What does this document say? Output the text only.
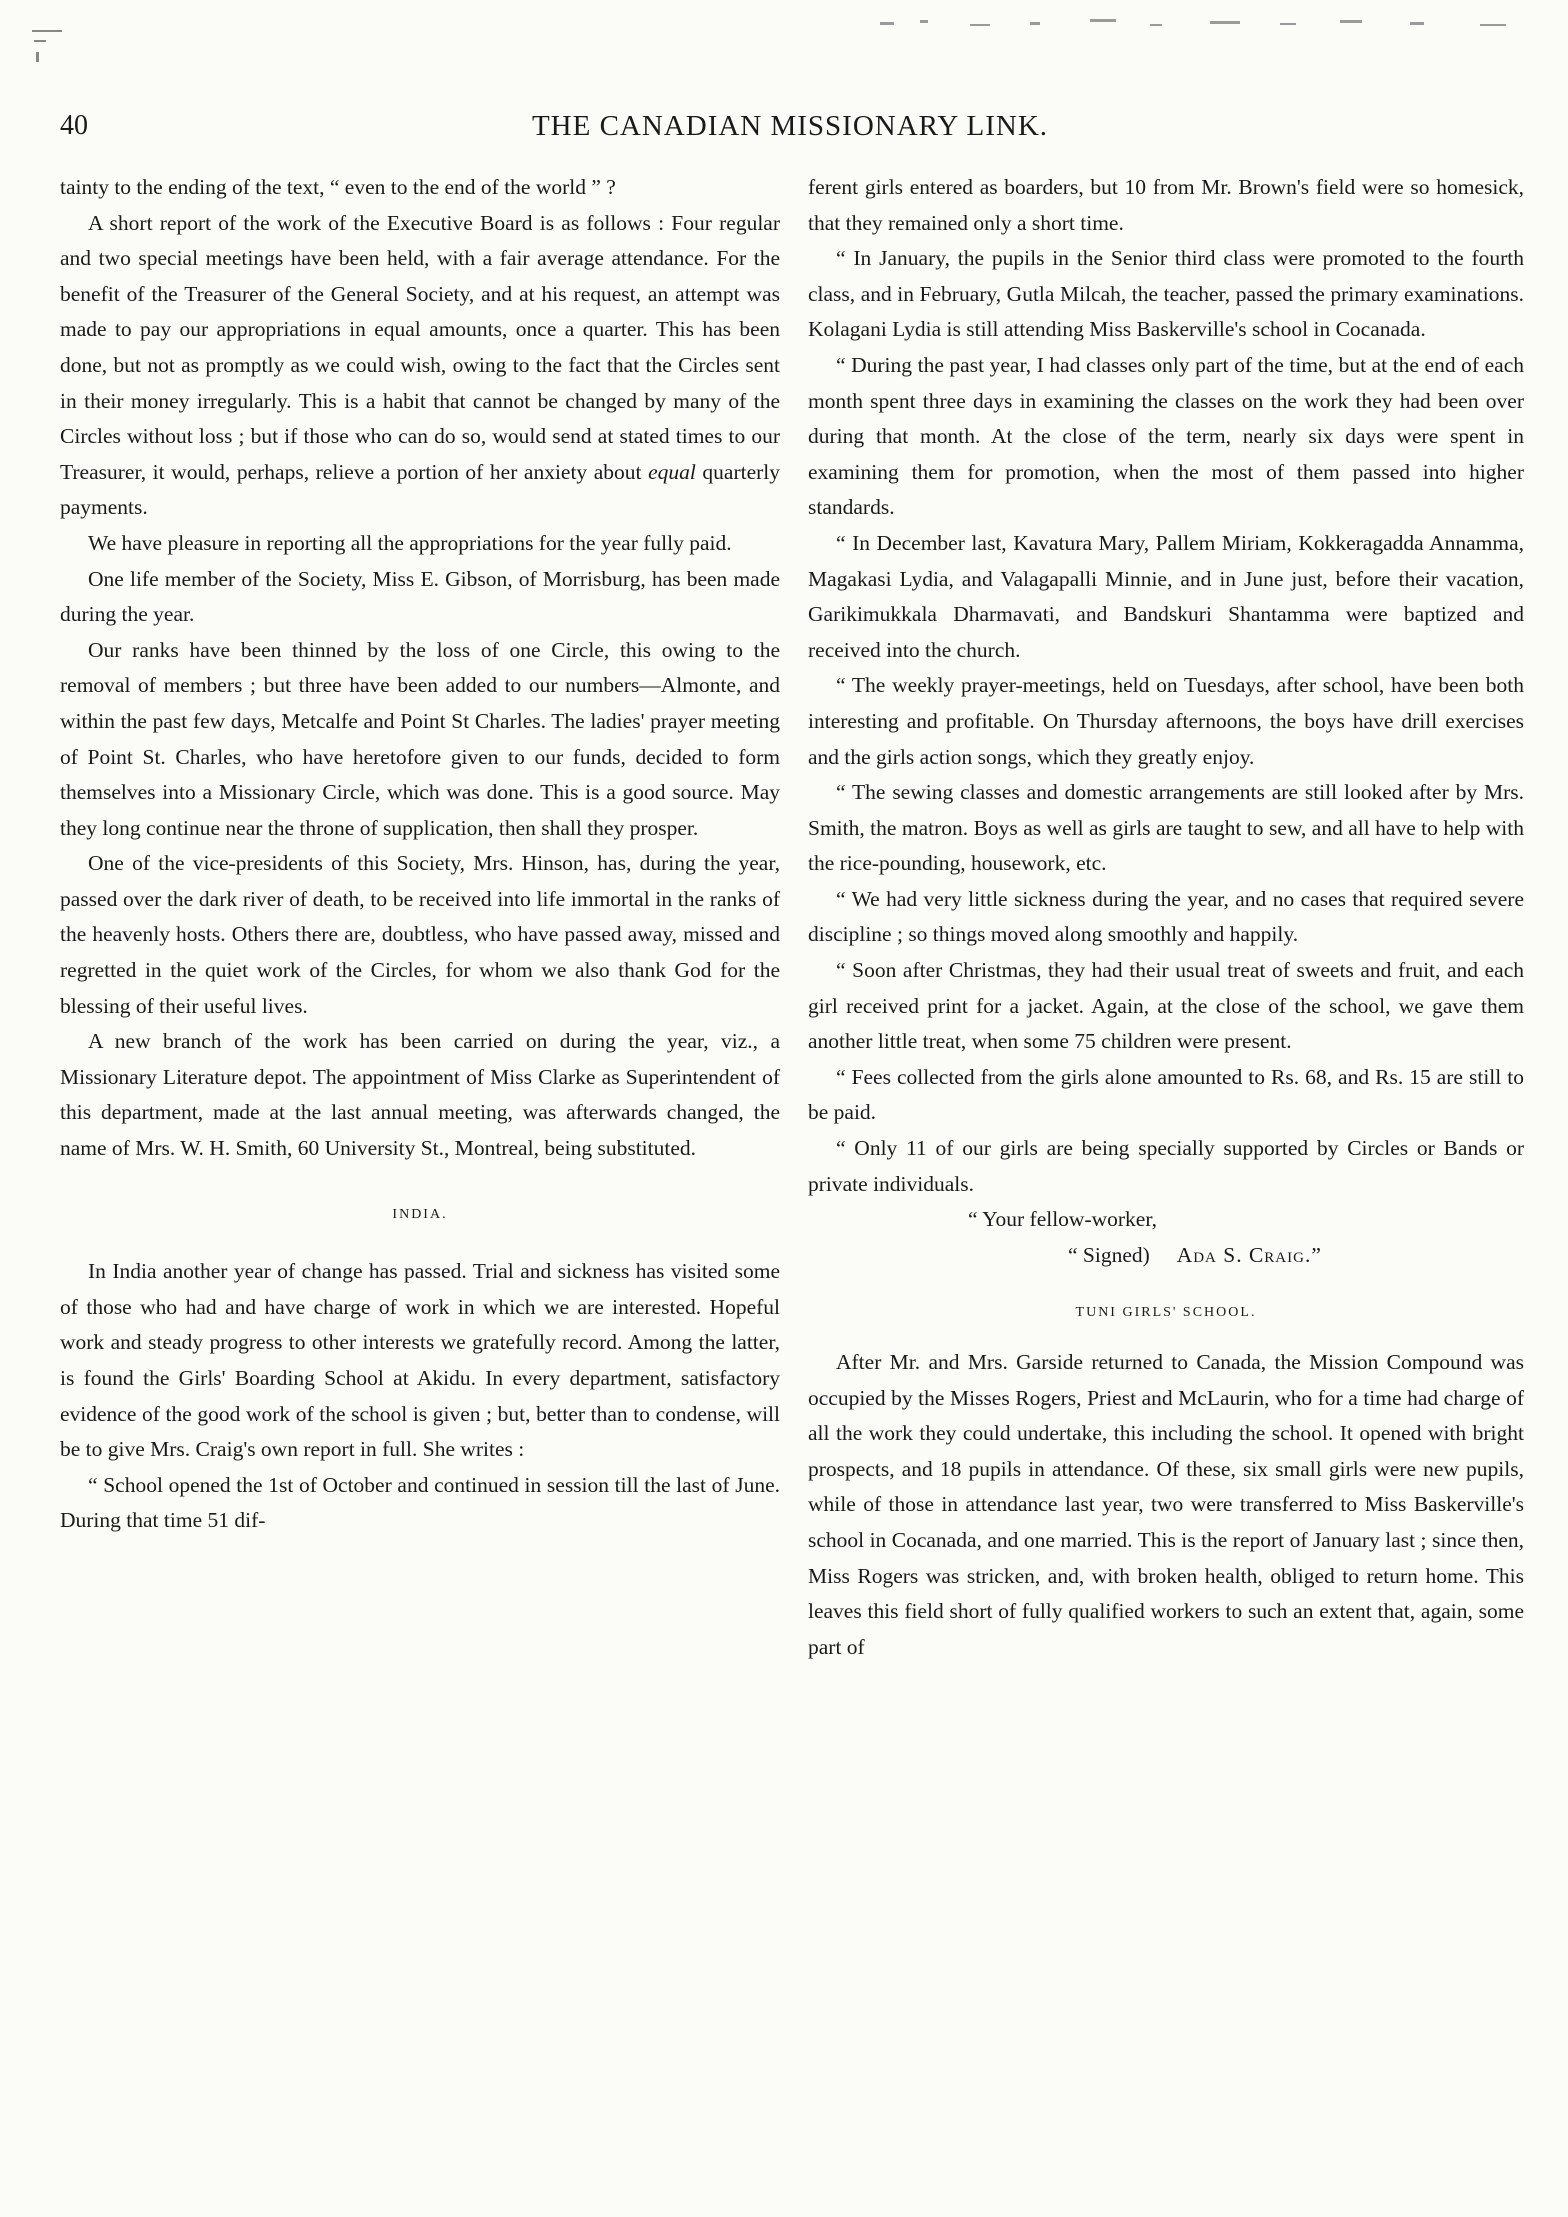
40	THE CANADIAN MISSIONARY LINK.

tainty to the ending of the text, “ even to the end of the world ” ?

A short report of the work of the Executive Board is as follows : Four regular and two special meetings have been held, with a fair average attendance. For the benefit of the Treasurer of the General Society, and at his request, an attempt was made to pay our appropriations in equal amounts, once a quarter. This has been done, but not as promptly as we could wish, owing to the fact that the Circles sent in their money irregularly. This is a habit that cannot be changed by many of the Circles without loss ; but if those who can do so, would send at stated times to our Treasurer, it would, perhaps, relieve a portion of her anxiety about equal quarterly payments.

We have pleasure in reporting all the appropriations for the year fully paid.

One life member of the Society, Miss E. Gibson, of Morrisburg, has been made during the year.

Our ranks have been thinned by the loss of one Circle, this owing to the removal of members ; but three have been added to our numbers—Almonte, and within the past few days, Metcalfe and Point St Charles. The ladies' prayer meeting of Point St. Charles, who have heretofore given to our funds, decided to form themselves into a Missionary Circle, which was done. This is a good source. May they long continue near the throne of supplication, then shall they prosper.

One of the vice-presidents of this Society, Mrs. Hinson, has, during the year, passed over the dark river of death, to be received into life immortal in the ranks of the heavenly hosts. Others there are, doubtless, who have passed away, missed and regretted in the quiet work of the Circles, for whom we also thank God for the blessing of their useful lives.

A new branch of the work has been carried on during the year, viz., a Missionary Literature depot. The appointment of Miss Clarke as Superintendent of this department, made at the last annual meeting, was afterwards changed, the name of Mrs. W. H. Smith, 60 University St., Montreal, being substituted.

INDIA.

In India another year of change has passed. Trial and sickness has visited some of those who had and have charge of work in which we are interested. Hopeful work and steady progress to other interests we gratefully record. Among the latter, is found the Girls' Boarding School at Akidu. In every department, satisfactory evidence of the good work of the school is given ; but, better than to condense, will be to give Mrs. Craig's own report in full. She writes :

“ School opened the 1st of October and continued in session till the last of June. During that time 51 dif-

ferent girls entered as boarders, but 10 from Mr. Brown's field were so homesick, that they remained only a short time.

“ In January, the pupils in the Senior third class were promoted to the fourth class, and in February, Gutla Milcah, the teacher, passed the primary examinations. Kolagani Lydia is still attending Miss Baskerville's school in Cocanada.

“ During the past year, I had classes only part of the time, but at the end of each month spent three days in examining the classes on the work they had been over during that month. At the close of the term, nearly six days were spent in examining them for promotion, when the most of them passed into higher standards.

“ In December last, Kavatura Mary, Pallem Miriam, Kokkeragadda Annamma, Magakasi Lydia, and Valagapalli Minnie, and in June just, before their vacation, Garikimukkala Dharmavati, and Bandskuri Shantamma were baptized and received into the church.

“ The weekly prayer-meetings, held on Tuesdays, after school, have been both interesting and profitable. On Thursday afternoons, the boys have drill exercises and the girls action songs, which they greatly enjoy.

“ The sewing classes and domestic arrangements are still looked after by Mrs. Smith, the matron. Boys as well as girls are taught to sew, and all have to help with the rice-pounding, housework, etc.

“ We had very little sickness during the year, and no cases that required severe discipline ; so things moved along smoothly and happily.

“ Soon after Christmas, they had their usual treat of sweets and fruit, and each girl received print for a jacket. Again, at the close of the school, we gave them another little treat, when some 75 children were present.

“ Fees collected from the girls alone amounted to Rs. 68, and Rs. 15 are still to be paid.

“ Only 11 of our girls are being specially supported by Circles or Bands or private individuals.

“ Your fellow-worker,

“ Signed) Ada S. Craig.”

TUNI GIRLS' SCHOOL.

After Mr. and Mrs. Garside returned to Canada, the Mission Compound was occupied by the Misses Rogers, Priest and McLaurin, who for a time had charge of all the work they could undertake, this including the school. It opened with bright prospects, and 18 pupils in attendance. Of these, six small girls were new pupils, while of those in attendance last year, two were transferred to Miss Baskerville's school in Cocanada, and one married. This is the report of January last ; since then, Miss Rogers was stricken, and, with broken health, obliged to return home. This leaves this field short of fully qualified workers to such an extent that, again, some part of
